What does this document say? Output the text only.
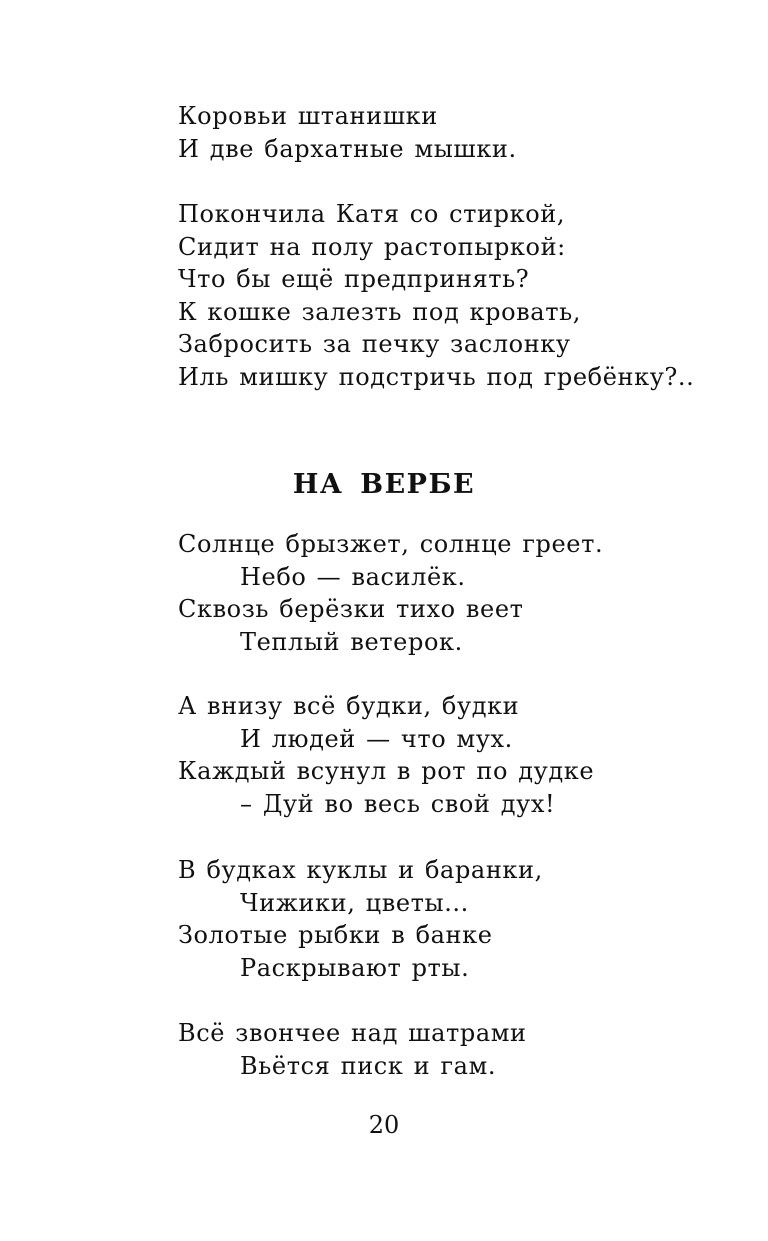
Коровьи штанишки
И две бархатные мышки.
Покончила Катя со стиркой,
Сидит на полу растопыркой:
Что бы ещё предпринять?
К кошке залезть под кровать,
Забросить за печку заслонку
Иль мишку подстричь под гребёнку?..
НА ВЕРБЕ
Солнце брызжет, солнце греет.
Небо — василёк.
Сквозь берёзки тихо веет
Теплый ветерок.
А внизу всё будки, будки
И людей — что мух.
Каждый всунул в рот по дудке
– Дуй во весь свой дух!
В будках куклы и баранки,
Чижики, цветы...
Золотые рыбки в банке
Раскрывают рты.
Всё звончее над шатрами
Вьётся писк и гам.
20
